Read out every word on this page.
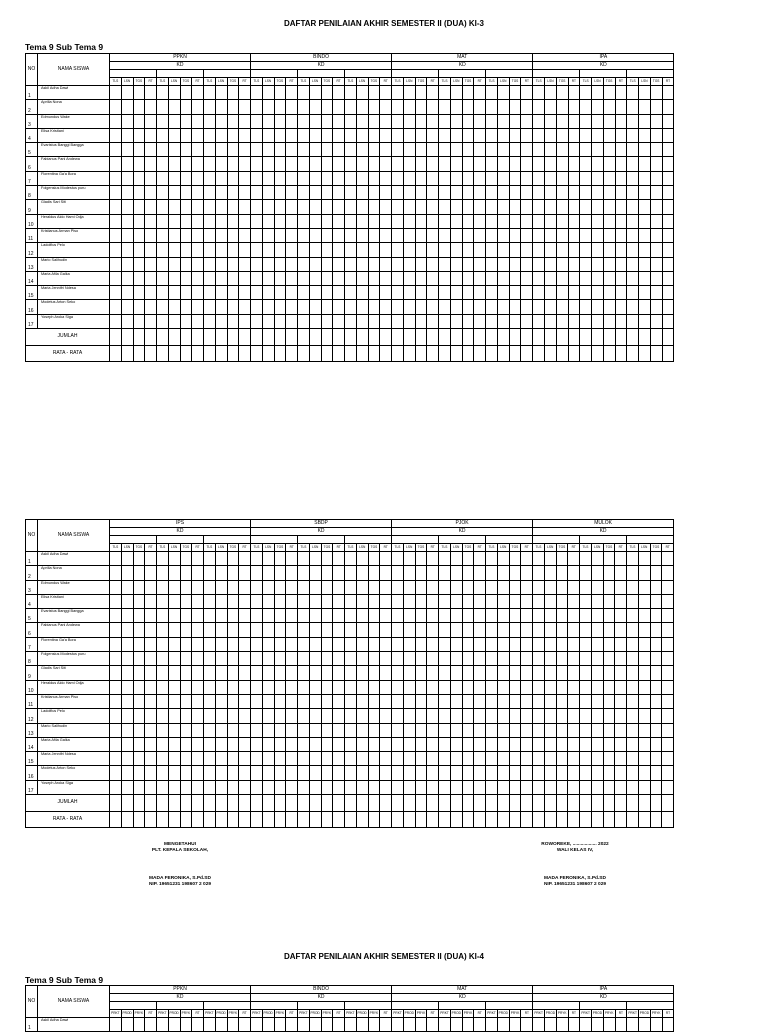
DAFTAR PENILAIAN AKHIR SEMESTER II (DUA) KI-3
Tema 9 Sub Tema 9
NO	NAMA SISWA	PPKN												BINDO												MAT												IPA											
		KD												KD												KD												KD											

		TLS	LSN	TGS	RT	TLS	LSN	TGS	RT	TLS	LSN	TGS	RT	TLS	LSN	TGS	RT	TLS	LSN	TGS	RT	TLS	LSN	TGS	RT	TLS	LSN	TGS	RT	TLS	LSN	TGS	RT	TLS	LSN	TGS	RT	TLS	LSN	TGS	RT	TLS	LSN	TGS	RT	TLS	LSN	TGS	RT
1	Askil Adha Dawi																																																
2	Aprilia Nona																																																
3	Edmundus Wake																																																
4	Elisa Kristiani																																																
5	Evaristus Banggi Bangga																																																
6	Fabianus Pani Andewa																																																
7	Florentina Ga'a Bora																																																
8	Folgensius Modestus puru																																																
9	Gladis Sari Siti																																																
10	Heraldus Aldo Hami Odja																																																
11	Kristianus Arman Piso																																																
12	Ladolfius Pelo																																																
13	Mario Salihudin																																																
14	Maria Afila Galka																																																
15	Maria Jennifri Ndesa																																																
16	Modetus Arton Seko																																																
17	Yoseph Aroka Siga																																																
JUMLAH																																																	
RATA - RATA																																																	
NO	NAMA SISWA	IPS												SBDP												PJOK												MULOK											
		KD												KD												KD												KD											

		TLS	LSN	TGS	RT	TLS	LSN	TGS	RT	TLS	LSN	TGS	RT	TLS	LSN	TGS	RT	TLS	LSN	TGS	RT	TLS	LSN	TGS	RT	TLS	LSN	TGS	RT	TLS	LSN	TGS	RT	TLS	LSN	TGS	RT	TLS	LSN	TGS	RT	TLS	LSN	TGS	RT	TLS	LSN	TGS	RT
1	Askil Adha Dawi																																																
2	Aprilia Nona																																																
3	Edmundus Wake																																																
4	Elisa Kristiani																																																
5	Evaristus Banggi Bangga																																																
6	Fabianus Pani Andewa																																																
7	Florentina Ga'a Bora																																																
8	Folgensius Modestus puru																																																
9	Gladis Sari Siti																																																
10	Heraldus Aldo Hami Odja																																																
11	Kristianus Arman Piso																																																
12	Ladolfius Pelo																																																
13	Mario Salihudin																																																
14	Maria Afila Galka																																																
15	Maria Jennifri Ndesa																																																
16	Modetus Arton Seko																																																
17	Yoseph Aroka Siga																																																
JUMLAH																																																	
RATA - RATA																																																	
MENGETAHUI
PLT. KEPALA SEKOLAH,
MADA FERONIKA, S.Pd.SD
NIP. 19651231 198607 2 029
ROWOREKE, .................. 2022
WALI KELAS IV,
MADA FERONIKA, S.Pd.SD
NIP. 19651231 198607 2 029
DAFTAR PENILAIAN AKHIR SEMESTER II (DUA) KI-4
Tema 9 Sub Tema 9
NO	NAMA SISWA	PPKN												BINDO												MAT												IPA											
		KD												KD												KD												KD											

		PRKT	PROD	PRYK	RT	PRKT	PROD	PRYK	RT	PRKT	PROD	PRYK	RT	PRKT	PROD	PRYK	RT	PRKT	PROD	PRYK	RT	PRKT	PROD	PRYK	RT	PRKT	PROD	PRYK	RT	PRKT	PROD	PRYK	RT	PRKT	PROD	PRYK	RT	PRKT	PROD	PRYK	RT	PRKT	PROD	PRYK	RT	PRKT	PROD	PRYK	RT
1	Askil Adha Dawi																																																
